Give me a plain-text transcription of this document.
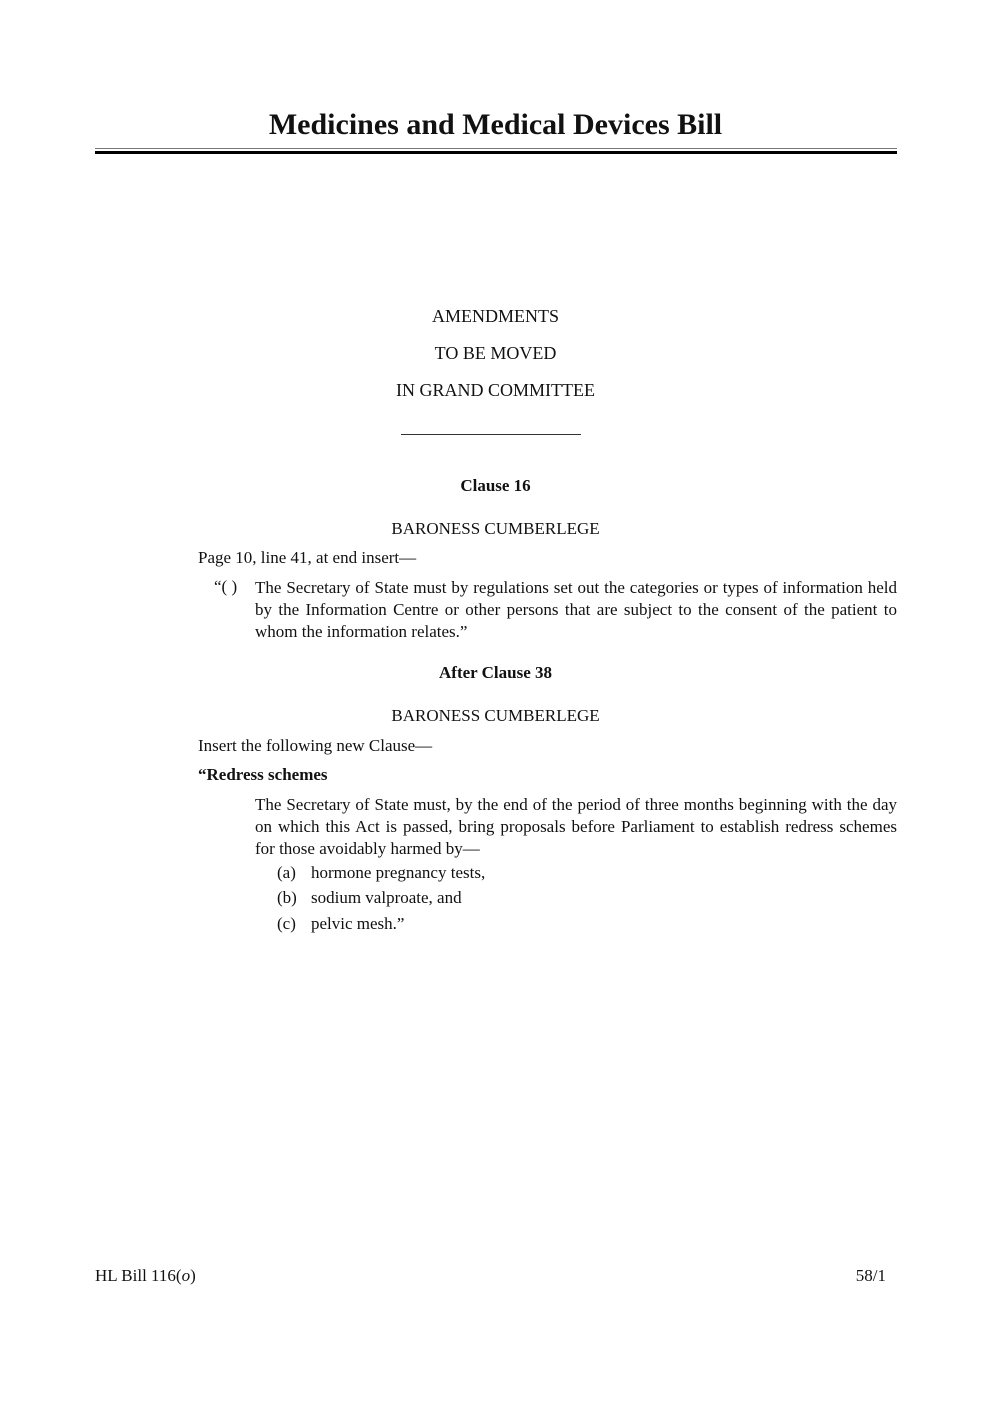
Medicines and Medical Devices Bill
AMENDMENTS
TO BE MOVED
IN GRAND COMMITTEE
Clause 16
BARONESS CUMBERLEGE
Page 10, line 41, at end insert—
“( ) The Secretary of State must by regulations set out the categories or types of information held by the Information Centre or other persons that are subject to the consent of the patient to whom the information relates.”
After Clause 38
BARONESS CUMBERLEGE
Insert the following new Clause—
“Redress schemes
The Secretary of State must, by the end of the period of three months beginning with the day on which this Act is passed, bring proposals before Parliament to establish redress schemes for those avoidably harmed by—
(a) hormone pregnancy tests,
(b) sodium valproate, and
(c) pelvic mesh.”
HL Bill 116(o)	58/1
